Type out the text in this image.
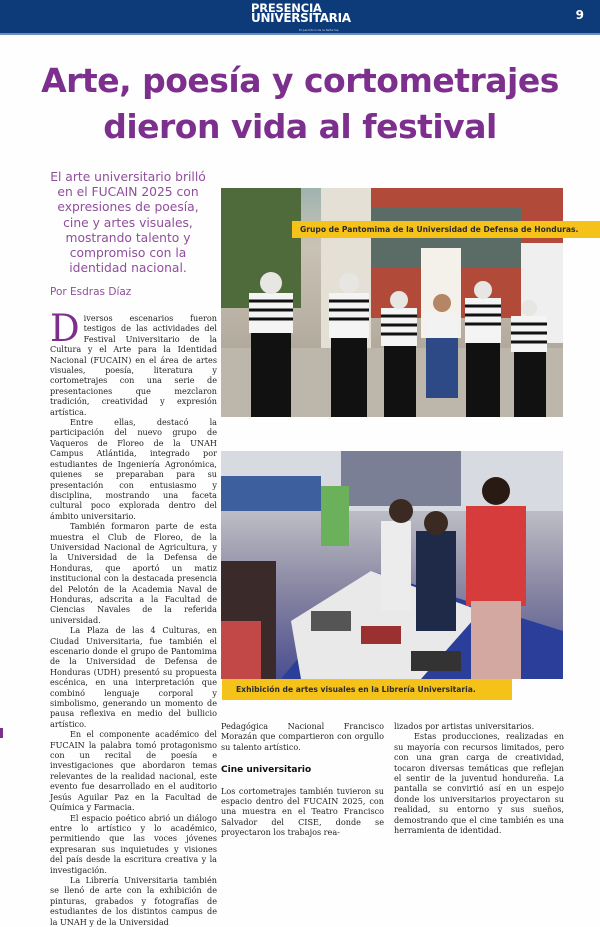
PRESENCIA
UNIVERSITARIA
El periódico de la Reforma
9
Arte, poesía y cortometrajes
dieron vida al festival
El arte universitario brilló en el FUCAIN 2025 con expresiones de poesía, cine y artes visuales, mostrando talento y compromiso con la identidad nacional.
Por Esdras Díaz

Diversos escenarios fueron testigos de las actividades del Festival Universitario de la Cultura y el Arte para la Identidad Nacional (FUCAIN) en el área de artes visuales, poesía, literatura y cortometrajes con una serie de presentaciones que mezclaron tradición, creatividad y expresión artística.

Entre ellas, destacó la participación del nuevo grupo de Vaqueros de Floreo de la UNAH Campus Atlántida, integrado por estudiantes de Ingeniería Agronómica, quienes se preparaban para su presentación con entusiasmo y disciplina, mostrando una faceta cultural poco explorada dentro del ámbito universitario.

También formaron parte de esta muestra el Club de Floreo, de la Universidad Nacional de Agricultura, y la Universidad de la Defensa de Honduras, que aportó un matiz institucional con la destacada presencia del Pelotón de la Academia Naval de Honduras, adscrita a la Facultad de Ciencias Navales de la referida universidad.

La Plaza de las 4 Culturas, en Ciudad Universitaria, fue también el escenario donde el grupo de Pantomima de la Universidad de Defensa de Honduras (UDH) presentó su propuesta escénica, en una interpretación que combinó lenguaje corporal y simbolismo, generando un momento de pausa reflexiva en medio del bullicio artístico.

En el componente académico del FUCAIN la palabra tomó protagonismo con un recital de poesía e investigaciones que abordaron temas relevantes de la realidad nacional, este evento fue desarrollado en el auditorio Jesús Aguilar Paz en la Facultad de Química y Farmacia.

El espacio poético abrió un diálogo entre lo artístico y lo académico, permitiendo que las voces jóvenes expresaran sus inquietudes y visiones del país desde la escritura creativa y la investigación.

La Librería Universitaria también se llenó de arte con la exhibición de pinturas, grabados y fotografías de estudiantes de los distintos campus de la UNAH y de la Universidad

Grupo de Pantomima de la Universidad de Defensa de Honduras.
Exhibición de artes visuales en la Librería Universitaria.

Pedagógica Nacional Francisco Morazán que compartieron con orgullo su talento artístico.

Cine universitario

Los cortometrajes también tuvieron su espacio dentro del FUCAIN 2025, con una muestra en el Teatro Francisco Salvador del CISE, donde se proyectaron los trabajos rea-

lizados por artistas universitarios.

Estas producciones, realizadas en su mayoría con recursos limitados, pero con una gran carga de creatividad, tocaron diversas temáticas que reflejan el sentir de la juventud hondureña. La pantalla se convirtió así en un espejo donde los universitarios proyectaron su realidad, su entorno y sus sueños, demostrando que el cine también es una herramienta de identidad.
